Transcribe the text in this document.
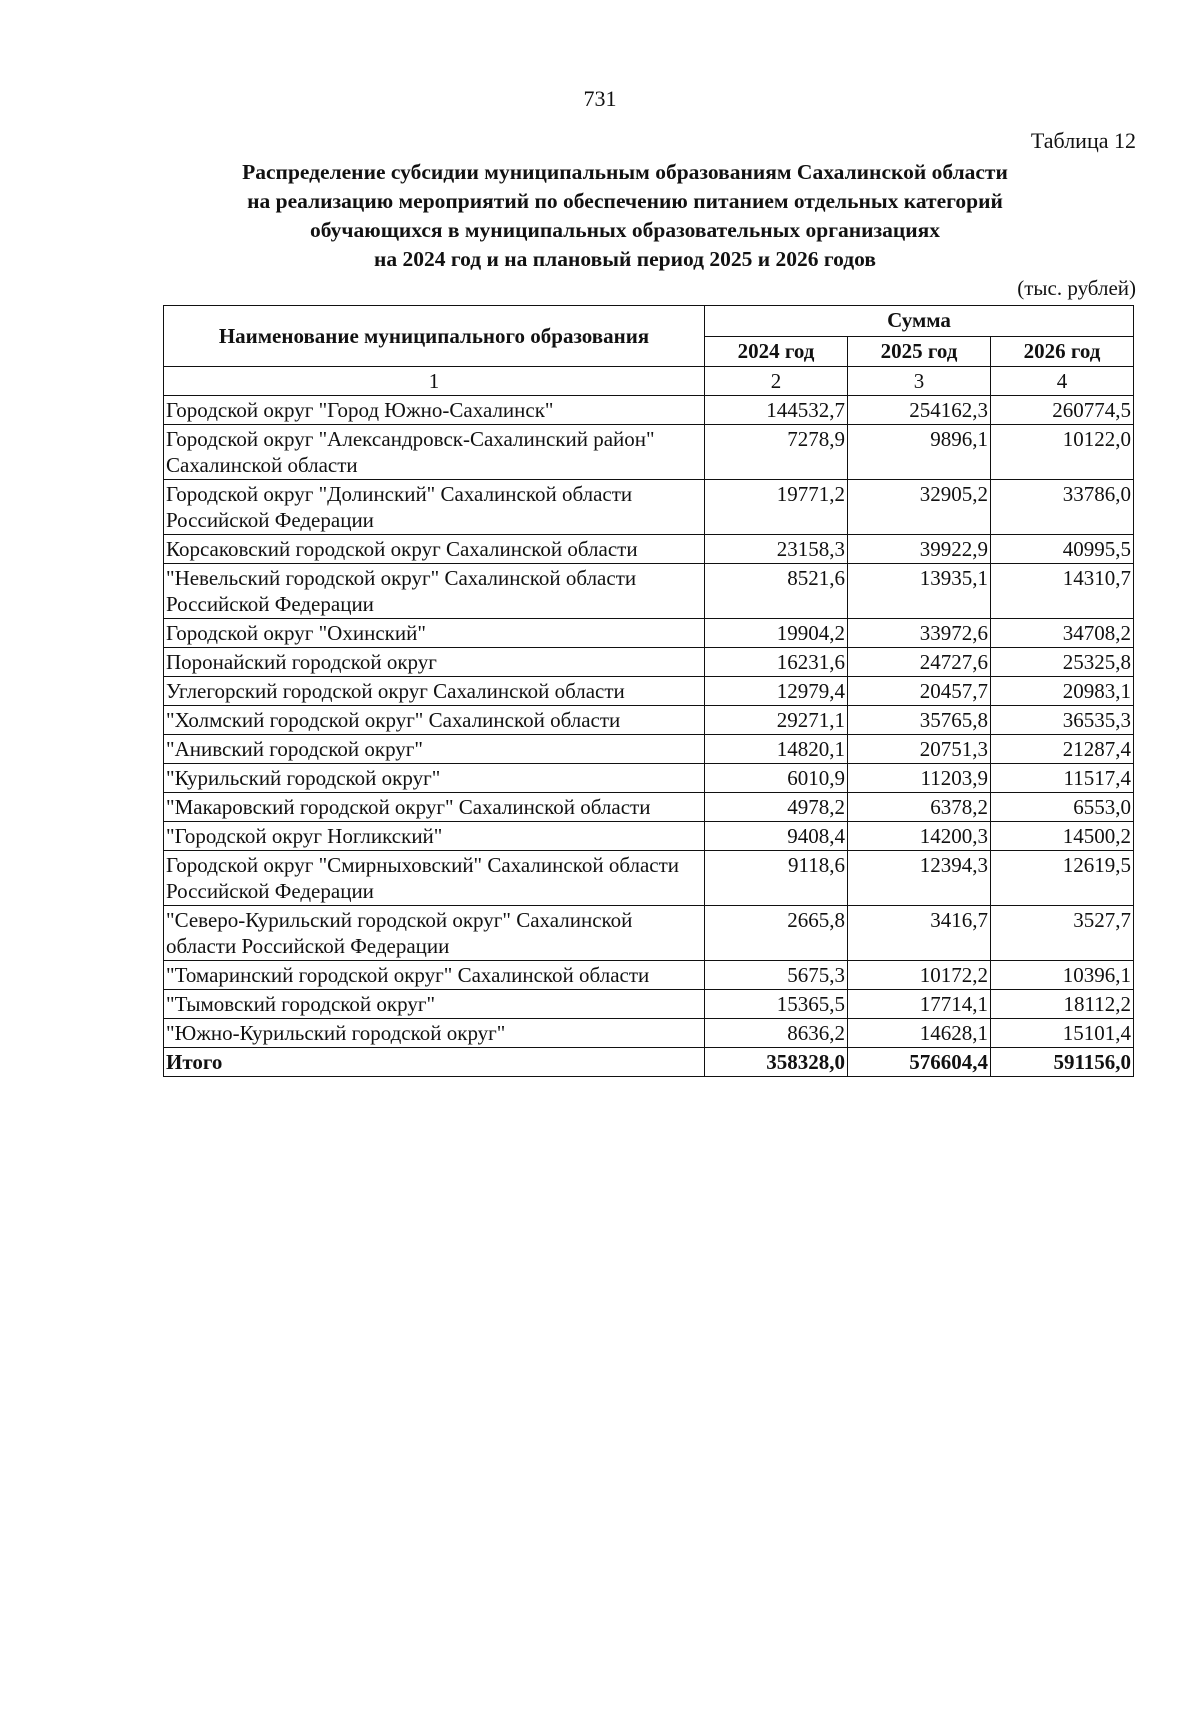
731
Таблица 12
Распределение субсидии муниципальным образованиям Сахалинской области
на реализацию мероприятий по обеспечению питанием отдельных категорий
обучающихся в муниципальных образовательных организациях
на 2024 год и на плановый период 2025 и 2026 годов
(тыс. рублей)
Наименование муниципального образования	Сумма		
	2024 год	2025 год	2026 год
1	2	3	4
Городской округ "Город Южно-Сахалинск"	144532,7	254162,3	260774,5
Городской округ "Александровск-Сахалинский район" Сахалинской области	7278,9	9896,1	10122,0
Городской округ "Долинский" Сахалинской области Российской Федерации	19771,2	32905,2	33786,0
Корсаковский городской округ Сахалинской области	23158,3	39922,9	40995,5
"Невельский городской округ" Сахалинской области Российской Федерации	8521,6	13935,1	14310,7
Городской округ "Охинский"	19904,2	33972,6	34708,2
Поронайский городской округ	16231,6	24727,6	25325,8
Углегорский городской округ Сахалинской области	12979,4	20457,7	20983,1
"Холмский городской округ" Сахалинской области	29271,1	35765,8	36535,3
"Анивский городской округ"	14820,1	20751,3	21287,4
"Курильский городской округ"	6010,9	11203,9	11517,4
"Макаровский городской округ" Сахалинской области	4978,2	6378,2	6553,0
"Городской округ Ногликский"	9408,4	14200,3	14500,2
Городской округ "Смирныховский" Сахалинской области Российской Федерации	9118,6	12394,3	12619,5
"Северо-Курильский городской округ" Сахалинской области Российской Федерации	2665,8	3416,7	3527,7
"Томаринский городской округ" Сахалинской области	5675,3	10172,2	10396,1
"Тымовский городской округ"	15365,5	17714,1	18112,2
"Южно-Курильский городской округ"	8636,2	14628,1	15101,4
Итого	358328,0	576604,4	591156,0
